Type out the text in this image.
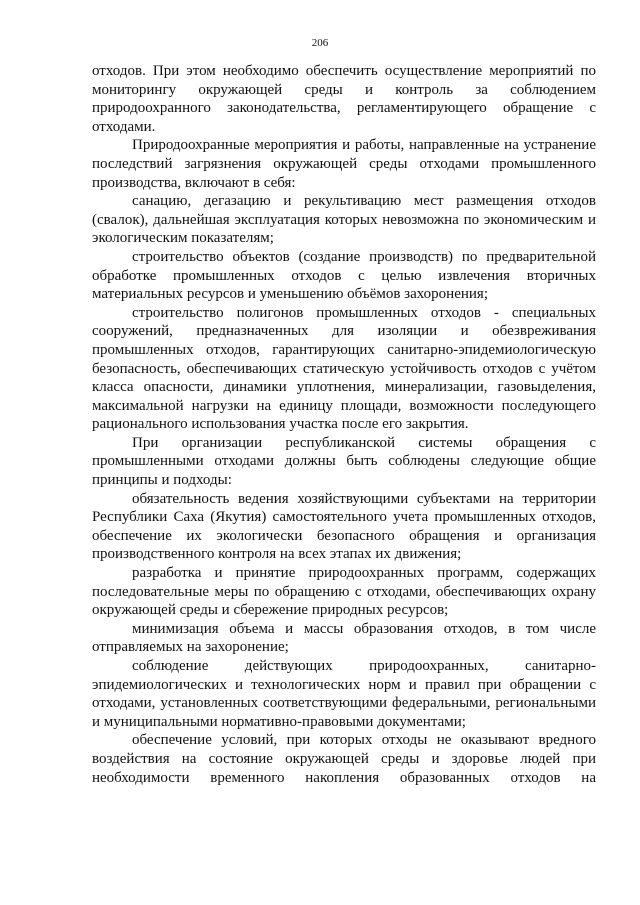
206

отходов. При этом необходимо обеспечить осуществление мероприятий по мониторингу окружающей среды и контроль за соблюдением природоохранного законодательства, регламентирующего обращение с отходами.

Природоохранные мероприятия и работы, направленные на устранение последствий загрязнения окружающей среды отходами промышленного производства, включают в себя:

санацию, дегазацию и рекультивацию мест размещения отходов (свалок), дальнейшая эксплуатация которых невозможна по экономическим и экологическим показателям;

строительство объектов (создание производств) по предварительной обработке промышленных отходов с целью извлечения вторичных материальных ресурсов и уменьшению объёмов захоронения;

строительство полигонов промышленных отходов - специальных сооружений, предназначенных для изоляции и обезвреживания промышленных отходов, гарантирующих санитарно-эпидемиологическую безопасность, обеспечивающих статическую устойчивость отходов с учётом класса опасности, динамики уплотнения, минерализации, газовыделения, максимальной нагрузки на единицу площади, возможности последующего рационального использования участка после его закрытия.

При организации республиканской системы обращения с промышленными отходами должны быть соблюдены следующие общие принципы и подходы:

обязательность ведения хозяйствующими субъектами на территории Республики Саха (Якутия) самостоятельного учета промышленных отходов, обеспечение их экологически безопасного обращения и организация производственного контроля на всех этапах их движения;

разработка и принятие природоохранных программ, содержащих последовательные меры по обращению с отходами, обеспечивающих охрану окружающей среды и сбережение природных ресурсов;

минимизация объема и массы образования отходов, в том числе отправляемых на захоронение;

соблюдение действующих природоохранных, санитарно-эпидемиологических и технологических норм и правил при обращении с отходами, установленных соответствующими федеральными, региональными и муниципальными нормативно-правовыми документами;

обеспечение условий, при которых отходы не оказывают вредного воздействия на состояние окружающей среды и здоровье людей при необходимости временного накопления образованных отходов на
